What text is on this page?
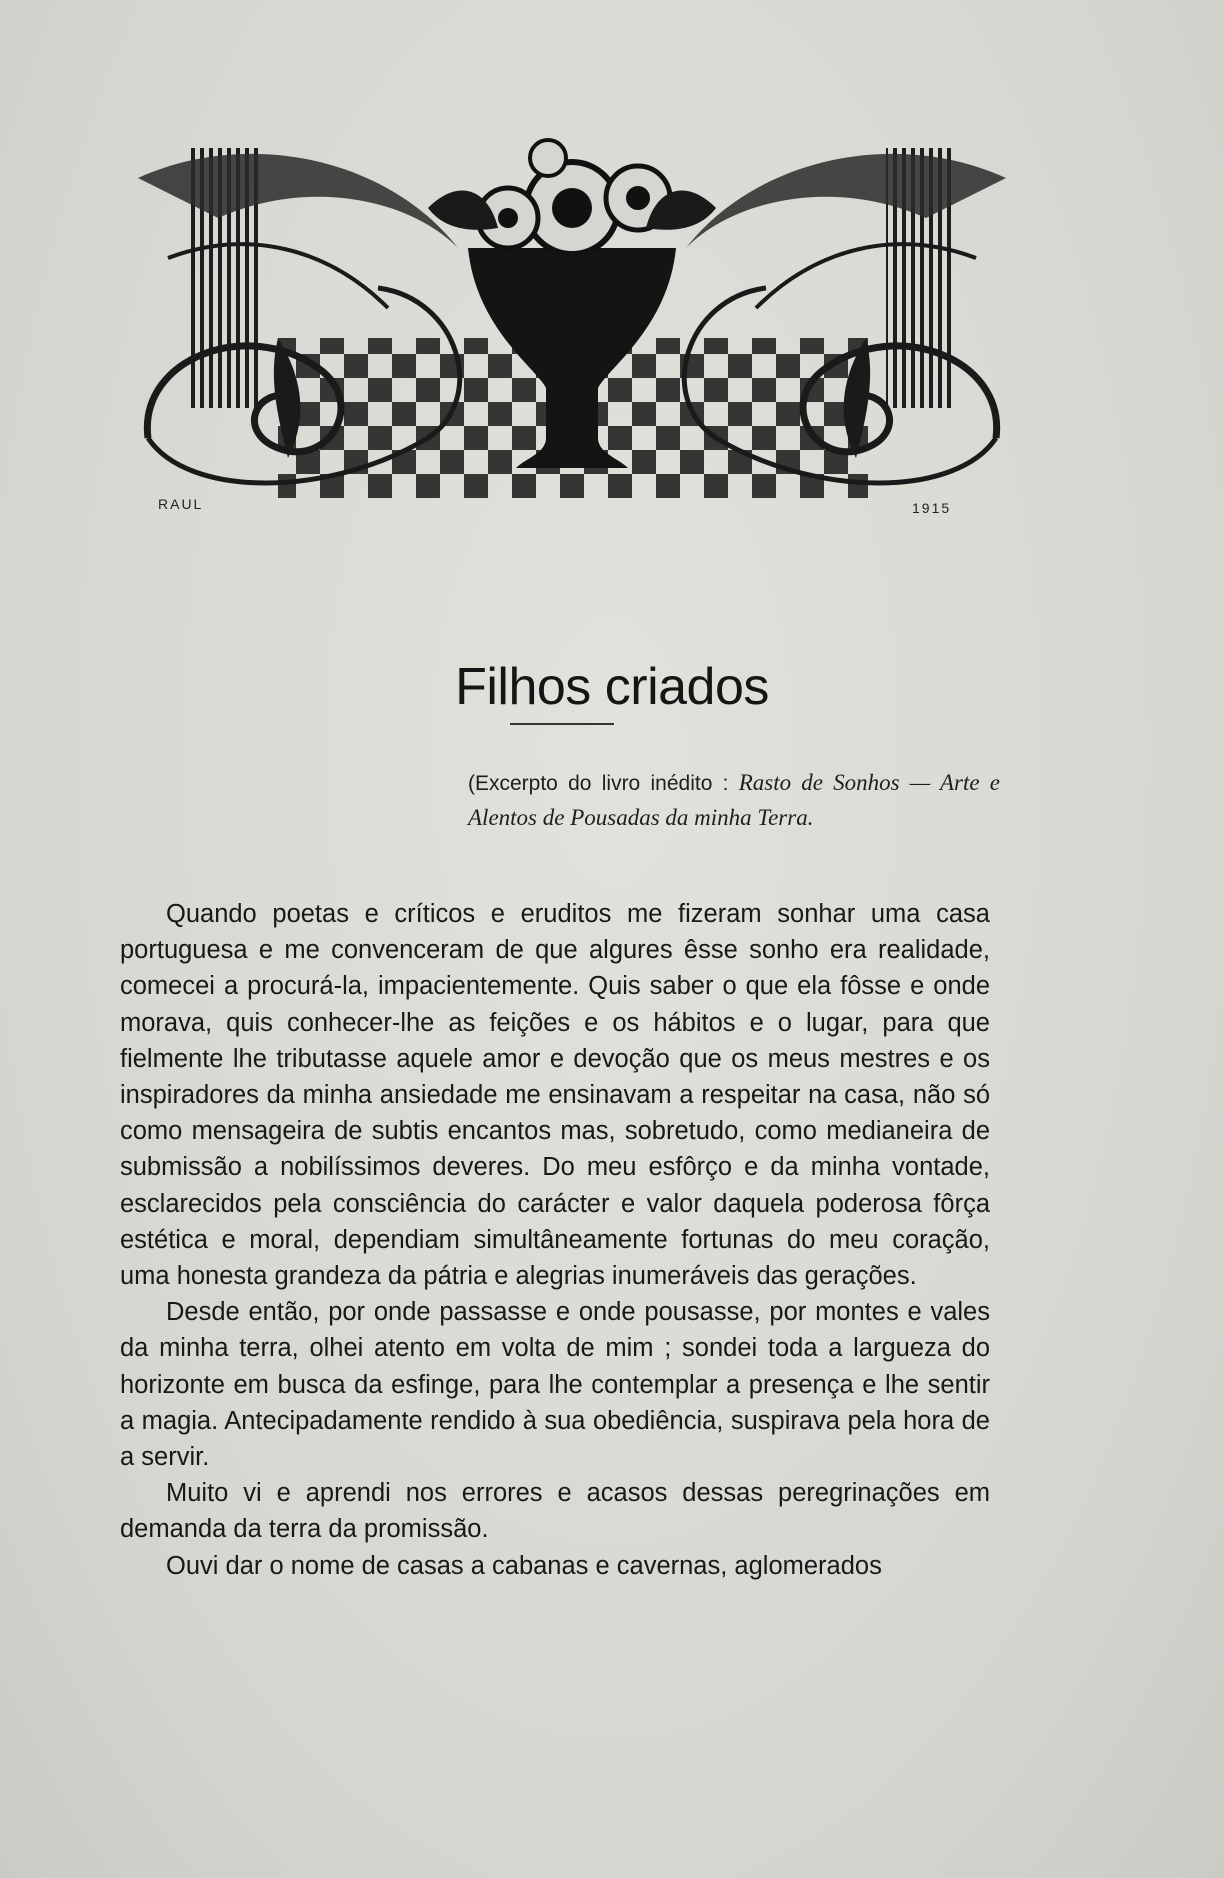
RAUL	1915
Filhos criados
(Excerpto do livro inédito : Rasto de Sonhos — Arte e Alentos de Pousadas da minha Terra.

Quando poetas e críticos e eruditos me fizeram sonhar uma casa portuguesa e me convenceram de que algures êsse sonho era realidade, comecei a procurá-la, impacientemente. Quis saber o que ela fôsse e onde morava, quis conhecer-lhe as feições e os hábitos e o lugar, para que fielmente lhe tributasse aquele amor e devoção que os meus mestres e os inspiradores da minha ansiedade me ensinavam a respeitar na casa, não só como mensageira de subtis encantos mas, sobretudo, como medianeira de submissão a nobilíssimos deveres. Do meu esfôrço e da minha vontade, esclarecidos pela consciência do carácter e valor daquela poderosa fôrça estética e moral, dependiam simultâneamente fortunas do meu coração, uma honesta grandeza da pátria e alegrias inumeráveis das gerações.

Desde então, por onde passasse e onde pousasse, por montes e vales da minha terra, olhei atento em volta de mim ; sondei toda a largueza do horizonte em busca da esfinge, para lhe contemplar a presença e lhe sentir a magia. Antecipadamente rendido à sua obediência, suspirava pela hora de a servir.

Muito vi e aprendi nos errores e acasos dessas peregrinações em demanda da terra da promissão.

Ouvi dar o nome de casas a cabanas e cavernas, aglomerados
